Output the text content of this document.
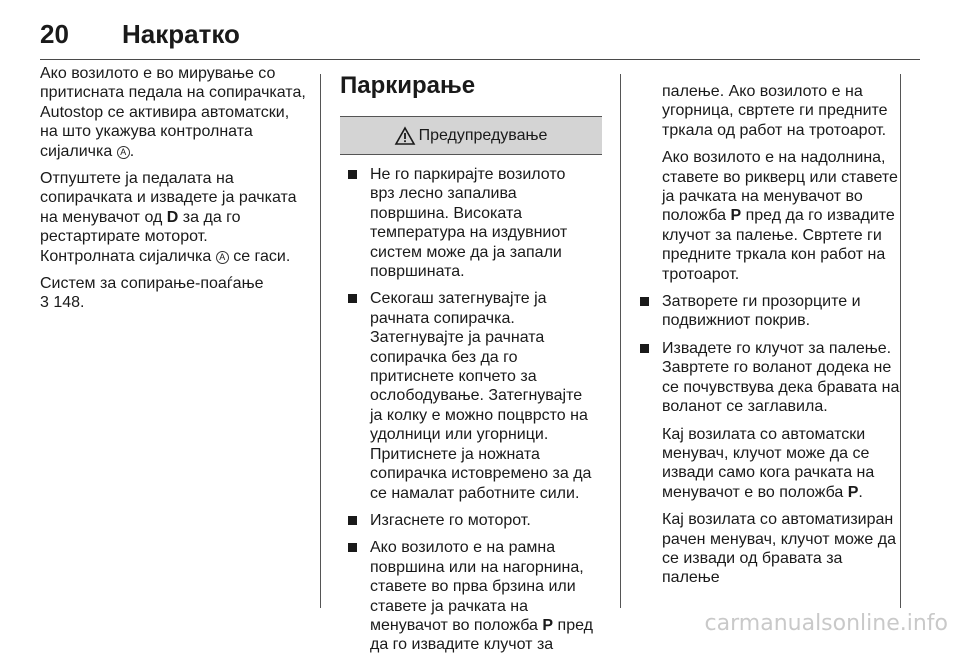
20	Накратко

Ако возилото е во мирување со притисната педала на сопирачката, Autostop се активира автоматски, на што укажува контролната сијаличка A .

Отпуштете ја педалата на сопирачката и извадете ја рачката на менувачот од D за да го рестартирате моторот.
Контролната сијаличка A се гаси.

Систем за сопирање-поаѓање
3 148.

Паркирање
Предупредување
Не го паркирајте возилото врз лесно запалива површина. Високата температура на издувниот систем може да ја запали површината.
Секогаш затегнувајте ја рачната сопирачка. Затегнувајте ја рачната сопирачка без да го притиснете копчето за ослободување. Затегнувајте ја колку е можно поцврсто на удолници или угорници. Притиснете ја ножната сопирачка истовремено за да се намалат работните сили.
Изгаснете го моторот.
Ако возилото е на рамна површина или на нагорнина, ставете во прва брзина или ставете ја рачката на менувачот во положба P пред да го извадите клучот за
палење. Ако возилото е на угорница, свртете ги предните тркала од работ на тротоарот.
Ако возилото е на надолнина, ставете во рикверц или ставете ја рачката на менувачот во положба P пред да го извадите клучот за палење. Свртете ги предните тркала кон работ на тротоарот.
Затворете ги прозорците и подвижниот покрив.
Извадете го клучот за палење. Завртете го воланот додека не се почувствува дека бравата на воланот се заглавила.
Кај возилата со автоматски менувач, клучот може да се извади само кога рачката на менувачот е во положба P.
Кај возилата со автоматизиран рачен менувач, клучот може да се извади од бравата за палење
carmanualsonline.info
